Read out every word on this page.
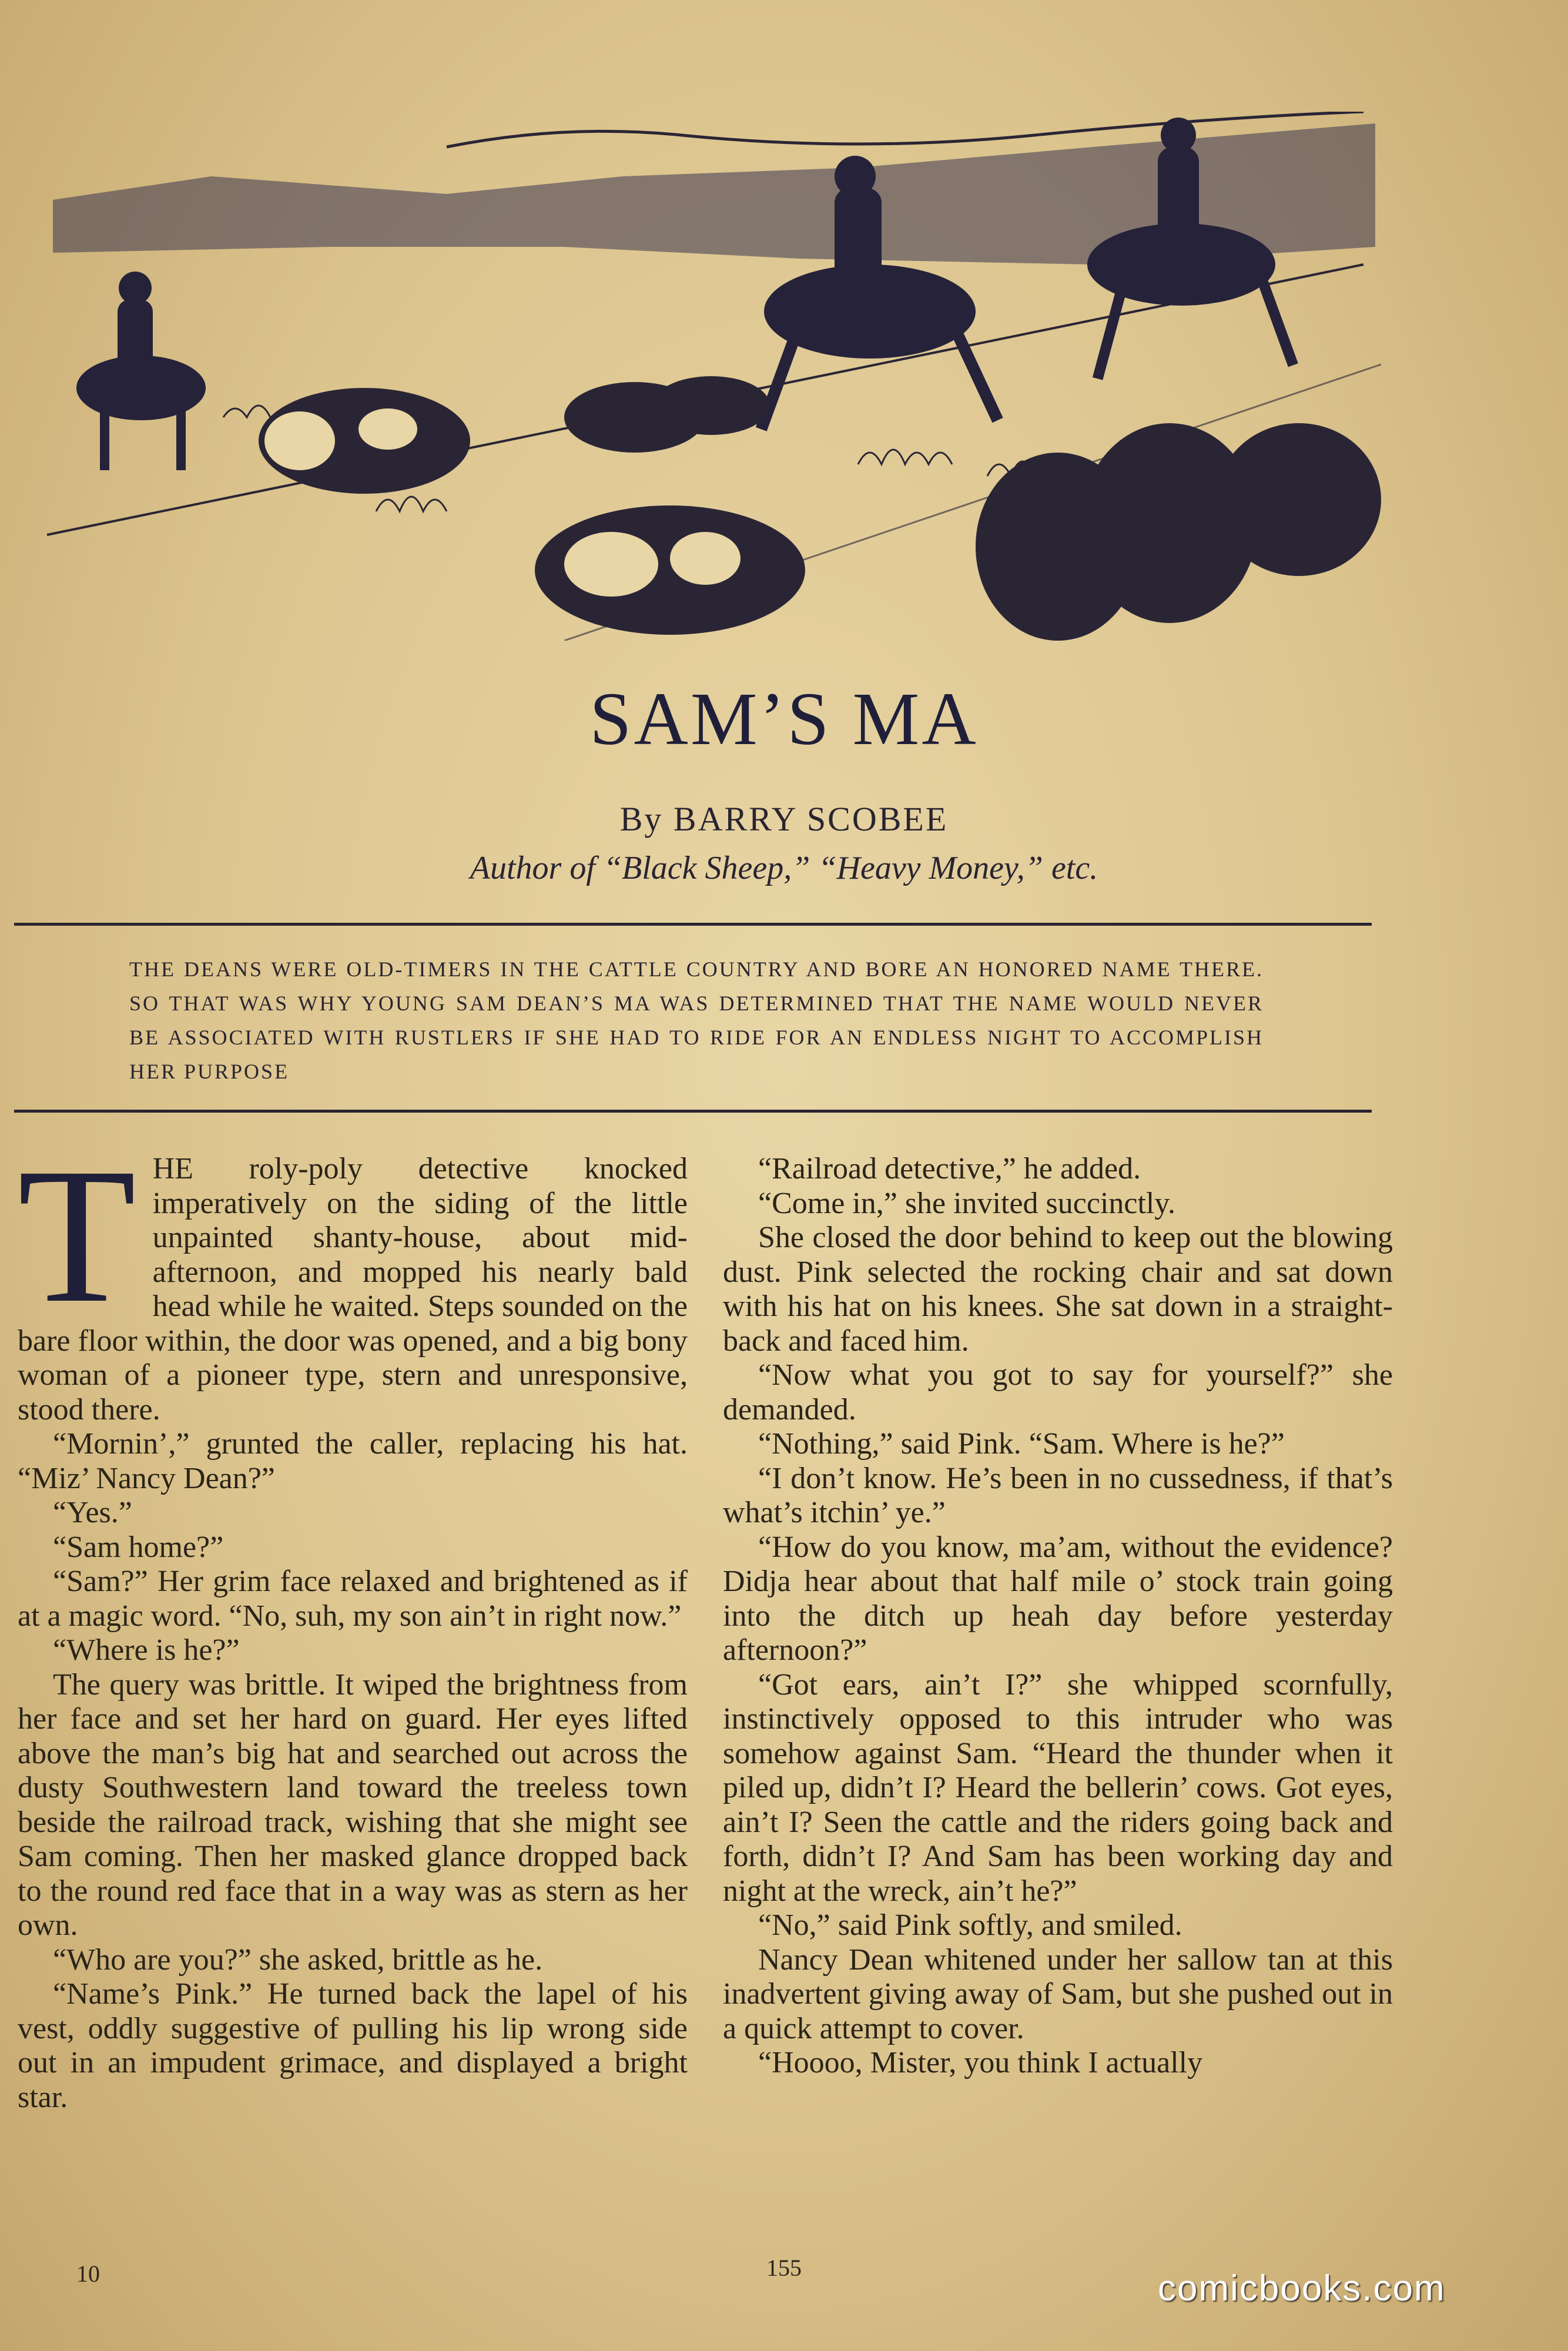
SAM’S MA
By BARRY SCOBEE
Author of “Black Sheep,” “Heavy Money,” etc.
THE DEANS WERE OLD-TIMERS IN THE CATTLE COUNTRY AND BORE AN HONORED NAME THERE. SO THAT WAS WHY YOUNG SAM DEAN’S MA WAS DETERMINED THAT THE NAME WOULD NEVER BE ASSOCIATED WITH RUSTLERS IF SHE HAD TO RIDE FOR AN ENDLESS NIGHT TO ACCOMPLISH HER PURPOSE
T HE roly-poly detective knocked imperatively on the siding of the little unpainted shanty-house, about mid-afternoon, and mopped his nearly bald head while he waited. Steps sounded on the bare floor within, the door was opened, and a big bony woman of a pioneer type, stern and unresponsive, stood there.

“Mornin’,” grunted the caller, replacing his hat. “Miz’ Nancy Dean?”

“Yes.”

“Sam home?”

“Sam?” Her grim face relaxed and brightened as if at a magic word. “No, suh, my son ain’t in right now.”

“Where is he?”

The query was brittle. It wiped the brightness from her face and set her hard on guard. Her eyes lifted above the man’s big hat and searched out across the dusty Southwestern land toward the treeless town beside the railroad track, wishing that she might see Sam coming. Then her masked glance dropped back to the round red face that in a way was as stern as her own.

“Who are you?” she asked, brittle as he.

“Name’s Pink.” He turned back the lapel of his vest, oddly suggestive of pulling his lip wrong side out in an impudent grimace, and displayed a bright star.

“Railroad detective,” he added.

“Come in,” she invited succinctly.

She closed the door behind to keep out the blowing dust. Pink selected the rocking chair and sat down with his hat on his knees. She sat down in a straight-back and faced him.

“Now what you got to say for yourself?” she demanded.

“Nothing,” said Pink. “Sam. Where is he?”

“I don’t know. He’s been in no cussedness, if that’s what’s itchin’ ye.”

“How do you know, ma’am, without the evidence? Didja hear about that half mile o’ stock train going into the ditch up heah day before yesterday afternoon?”

“Got ears, ain’t I?” she whipped scornfully, instinctively opposed to this intruder who was somehow against Sam. “Heard the thunder when it piled up, didn’t I? Heard the bellerin’ cows. Got eyes, ain’t I? Seen the cattle and the riders going back and forth, didn’t I? And Sam has been working day and night at the wreck, ain’t he?”

“No,” said Pink softly, and smiled.

Nancy Dean whitened under her sallow tan at this inadvertent giving away of Sam, but she pushed out in a quick attempt to cover.

“Hoooo, Mister, you think I actually

10	155
comicbooks.com
